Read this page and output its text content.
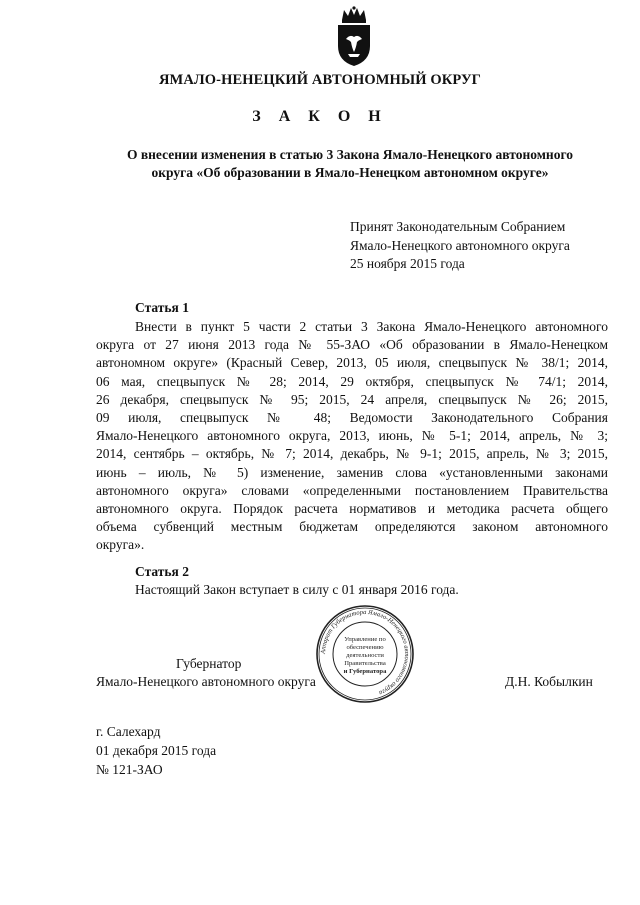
ЯМАЛО-НЕНЕЦКИЙ АВТОНОМНЫЙ ОКРУГ
З А К О Н
О внесении изменения в статью 3 Закона Ямало-Ненецкого автономного
округа «Об образовании в Ямало-Ненецком автономном округе»
Принят Законодательным Собранием
Ямало-Ненецкого автономного округа
25 ноября 2015 года
Статья 1
Внести в пункт 5 части 2 статьи 3 Закона Ямало-Ненецкого автономного
округа от 27 июня 2013 года № 55-ЗАО «Об образовании в Ямало-Ненецком
автономном округе» (Красный Север, 2013, 05 июля, спецвыпуск № 38/1; 2014,
06 мая, спецвыпуск № 28; 2014, 29 октября, спецвыпуск № 74/1; 2014,
26 декабря, спецвыпуск № 95; 2015, 24 апреля, спецвыпуск № 26; 2015,
09 июля, спецвыпуск № 48; Ведомости Законодательного Собрания
Ямало-Ненецкого автономного округа, 2013, июнь, № 5-1; 2014, апрель, № 3;
2014, сентябрь – октябрь, № 7; 2014, декабрь, № 9-1; 2015, апрель, № 3; 2015,
июнь – июль, № 5) изменение, заменив слова «установленными законами
автономного округа» словами «определенными постановлением Правительства
автономного округа. Порядок расчета нормативов и методика расчета общего
объема субвенций местным бюджетам определяются законом автономного
округа».
Статья 2
Настоящий Закон вступает в силу с 01 января 2016 года.
Аппарат Губернатора Ямало-Ненецкого автономного округа
Управление по
обеспечению
деятельности
Правительства
и Губернатора
Губернатор
Ямало-Ненецкого автономного округа	Д.Н. Кобылкин
г. Салехард
01 декабря 2015 года
№ 121-ЗАО
